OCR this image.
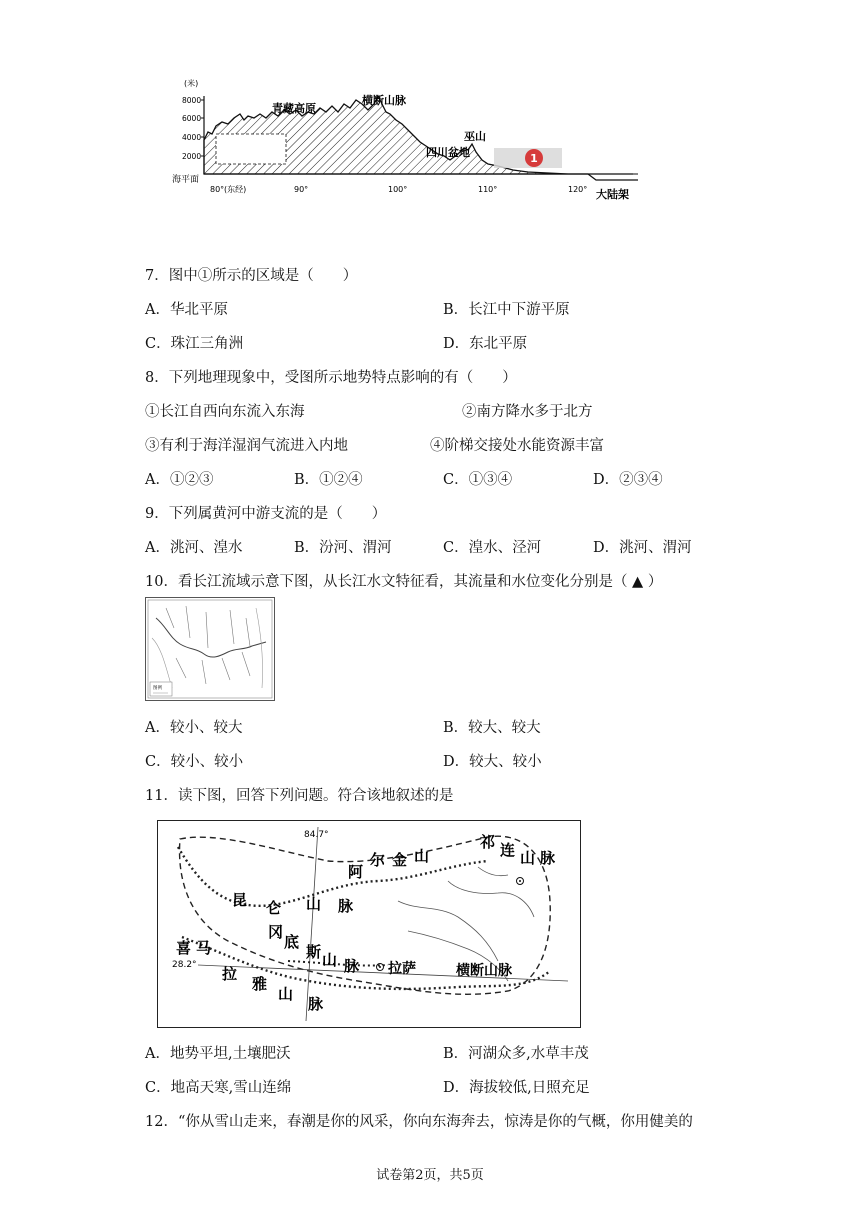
1
(米)
8000
6000
4000
2000
海平面
80° (东经)	90°	100°	110°	120°
青藏高原
横断山脉
巫山
四川盆地
大陆架
7．图中①所示的区域是（　　）
A．华北平原	B．长江中下游平原
C．珠江三角洲	D．东北平原
8．下列地理现象中，受图所示地势特点影响的有（　　）
①长江自西向东流入东海	②南方降水多于北方
③有利于海洋湿润气流进入内地	④阶梯交接处水能资源丰富
A．①②③	B．①②④	C．①③④	D．②③④
9．下列属黄河中游支流的是（　　）
A．洮河、湟水	B．汾河、渭河	C．湟水、泾河	D．洮河、渭河
10．看长江流域示意下图，从长江水文特征看，其流量和水位变化分别是（ ▲ ）
图例
A．较小、较大	B．较大、较大
C．较小、较小	D．较大、较小
11．读下图，回答下列问题。符合该地叙述的是
84.7°
28.2°
祁 连 山 脉
阿
尔 金 山
昆 仑 山 脉
冈
底
斯 山 脉
喜 马
拉
雅
山
脉
拉萨	横断山脉
A．地势平坦,土壤肥沃	B．河湖众多,水草丰茂
C．地高天寒,雪山连绵	D．海拔较低,日照充足
12．“你从雪山走来，春潮是你的风采，你向东海奔去，惊涛是你的气概，你用健美的
试卷第2页，共5页
